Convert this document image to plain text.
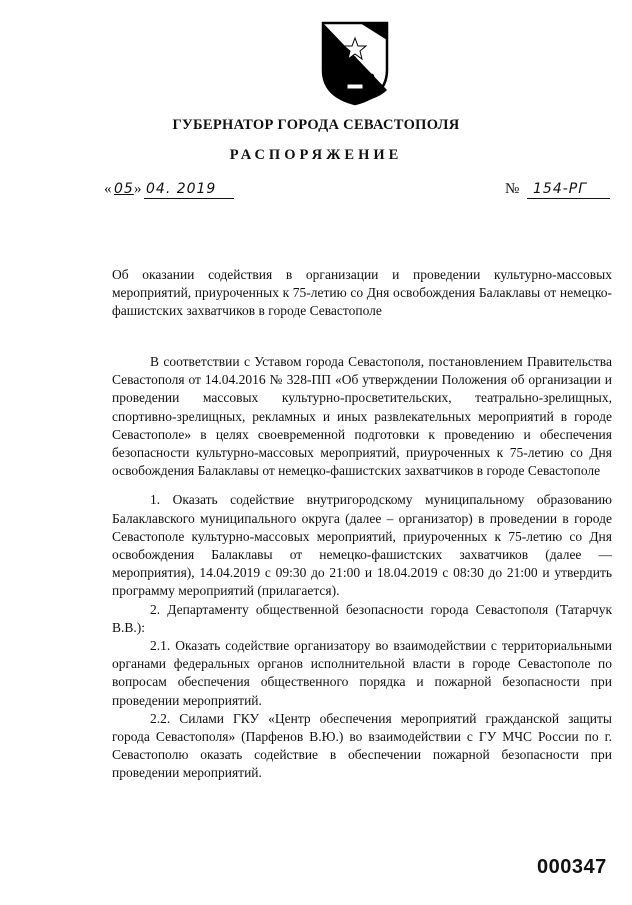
ГУБЕРНАТОР ГОРОДА СЕВАСТОПОЛЯ
РАСПОРЯЖЕНИЕ
« 05 » 04. 2019	№ 154-РГ
Об оказании содействия в организации и проведении культурно-массовых мероприятий, приуроченных к 75-летию со Дня освобождения Балаклавы от немецко-фашистских захватчиков в городе Севастополе

В соответствии с Уставом города Севастополя, постановлением Правительства Севастополя от 14.04.2016 № 328-ПП «Об утверждении Положения об организации и проведении массовых культурно-просветительских, театрально-зрелищных, спортивно-зрелищных, рекламных и иных развлекательных мероприятий в городе Севастополе» в целях своевременной подготовки к проведению и обеспечения безопасности культурно-массовых мероприятий, приуроченных к 75-летию со Дня освобождения Балаклавы от немецко-фашистских захватчиков в городе Севастополе

1. Оказать содействие внутригородскому муниципальному образованию Балаклавского муниципального округа (далее – организатор) в проведении в городе Севастополе культурно-массовых мероприятий, приуроченных к 75-летию со Дня освобождения Балаклавы от немецко-фашистских захватчиков (далее — мероприятия), 14.04.2019 с 09:30 до 21:00 и 18.04.2019 с 08:30 до 21:00 и утвердить программу мероприятий (прилагается).

2. Департаменту общественной безопасности города Севастополя (Татарчук В.В.):

2.1. Оказать содействие организатору во взаимодействии с территориальными органами федеральных органов исполнительной власти в городе Севастополе по вопросам обеспечения общественного порядка и пожарной безопасности при проведении мероприятий.

2.2. Силами ГКУ «Центр обеспечения мероприятий гражданской защиты города Севастополя» (Парфенов В.Ю.) во взаимодействии с ГУ МЧС России по г. Севастополю оказать содействие в обеспечении пожарной безопасности при проведении мероприятий.

000347
